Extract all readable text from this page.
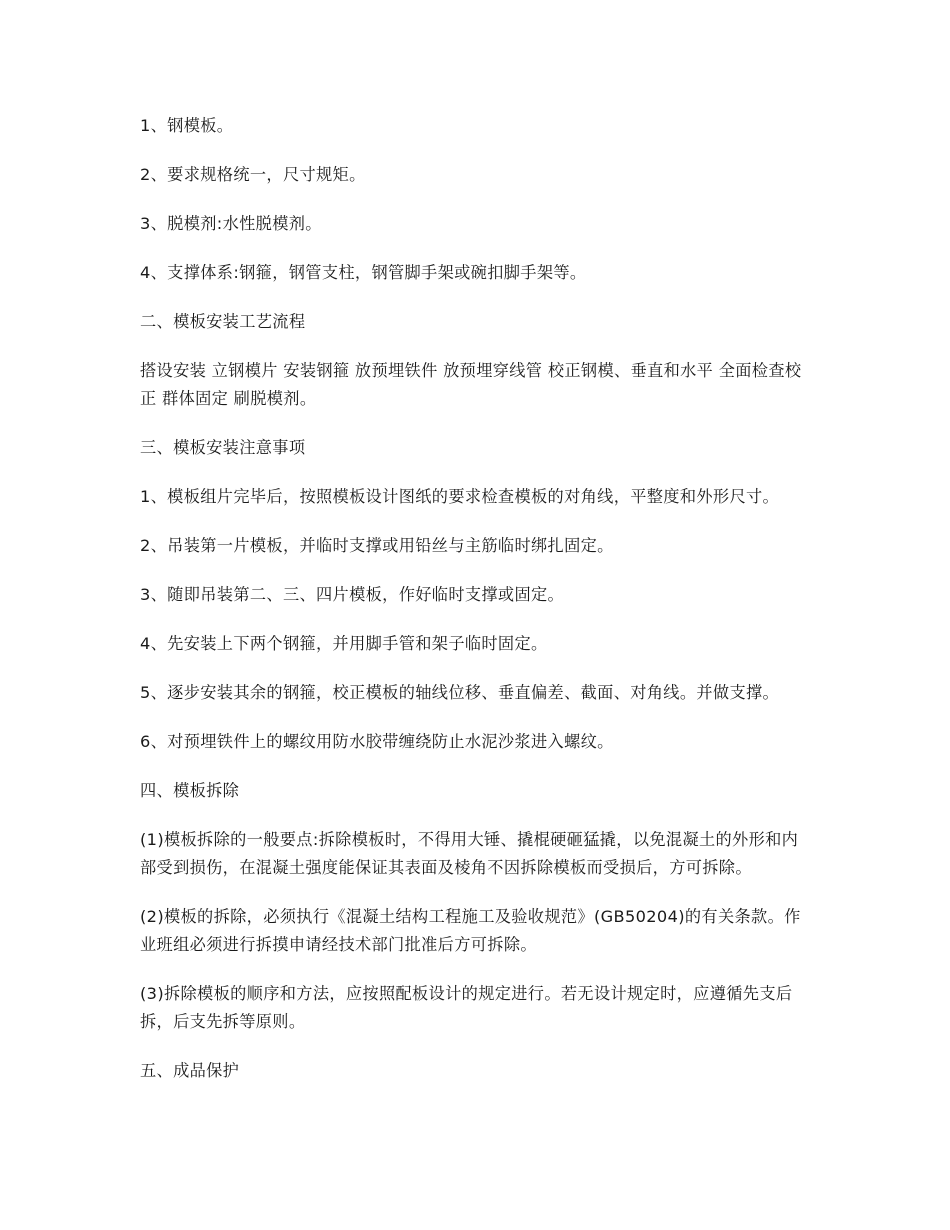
1、钢模板。

2、要求规格统一，尺寸规矩。

3、脱模剂:水性脱模剂。

4、支撑体系:钢箍，钢管支柱，钢管脚手架或碗扣脚手架等。

二、模板安装工艺流程

搭设安装 立钢模片 安装钢箍 放预埋铁件 放预埋穿线管 校正钢模、垂直和水平 全面检查校正 群体固定 刷脱模剂。

三、模板安装注意事项

1、模板组片完毕后，按照模板设计图纸的要求检查模板的对角线，平整度和外形尺寸。

2、吊装第一片模板，并临时支撑或用铅丝与主筋临时绑扎固定。

3、随即吊装第二、三、四片模板，作好临时支撑或固定。

4、先安装上下两个钢箍，并用脚手管和架子临时固定。

5、逐步安装其余的钢箍，校正模板的轴线位移、垂直偏差、截面、对角线。并做支撑。

6、对预埋铁件上的螺纹用防水胶带缠绕防止水泥沙浆进入螺纹。

四、模板拆除

(1)模板拆除的一般要点:拆除模板时，不得用大锤、撬棍硬砸猛撬，以免混凝土的外形和内部受到损伤，在混凝土强度能保证其表面及棱角不因拆除模板而受损后，方可拆除。

(2)模板的拆除，必须执行《混凝土结构工程施工及验收规范》(GB50204)的有关条款。作业班组必须进行拆摸申请经技术部门批准后方可拆除。

(3)拆除模板的顺序和方法，应按照配板设计的规定进行。若无设计规定时，应遵循先支后拆，后支先拆等原则。

五、成品保护
